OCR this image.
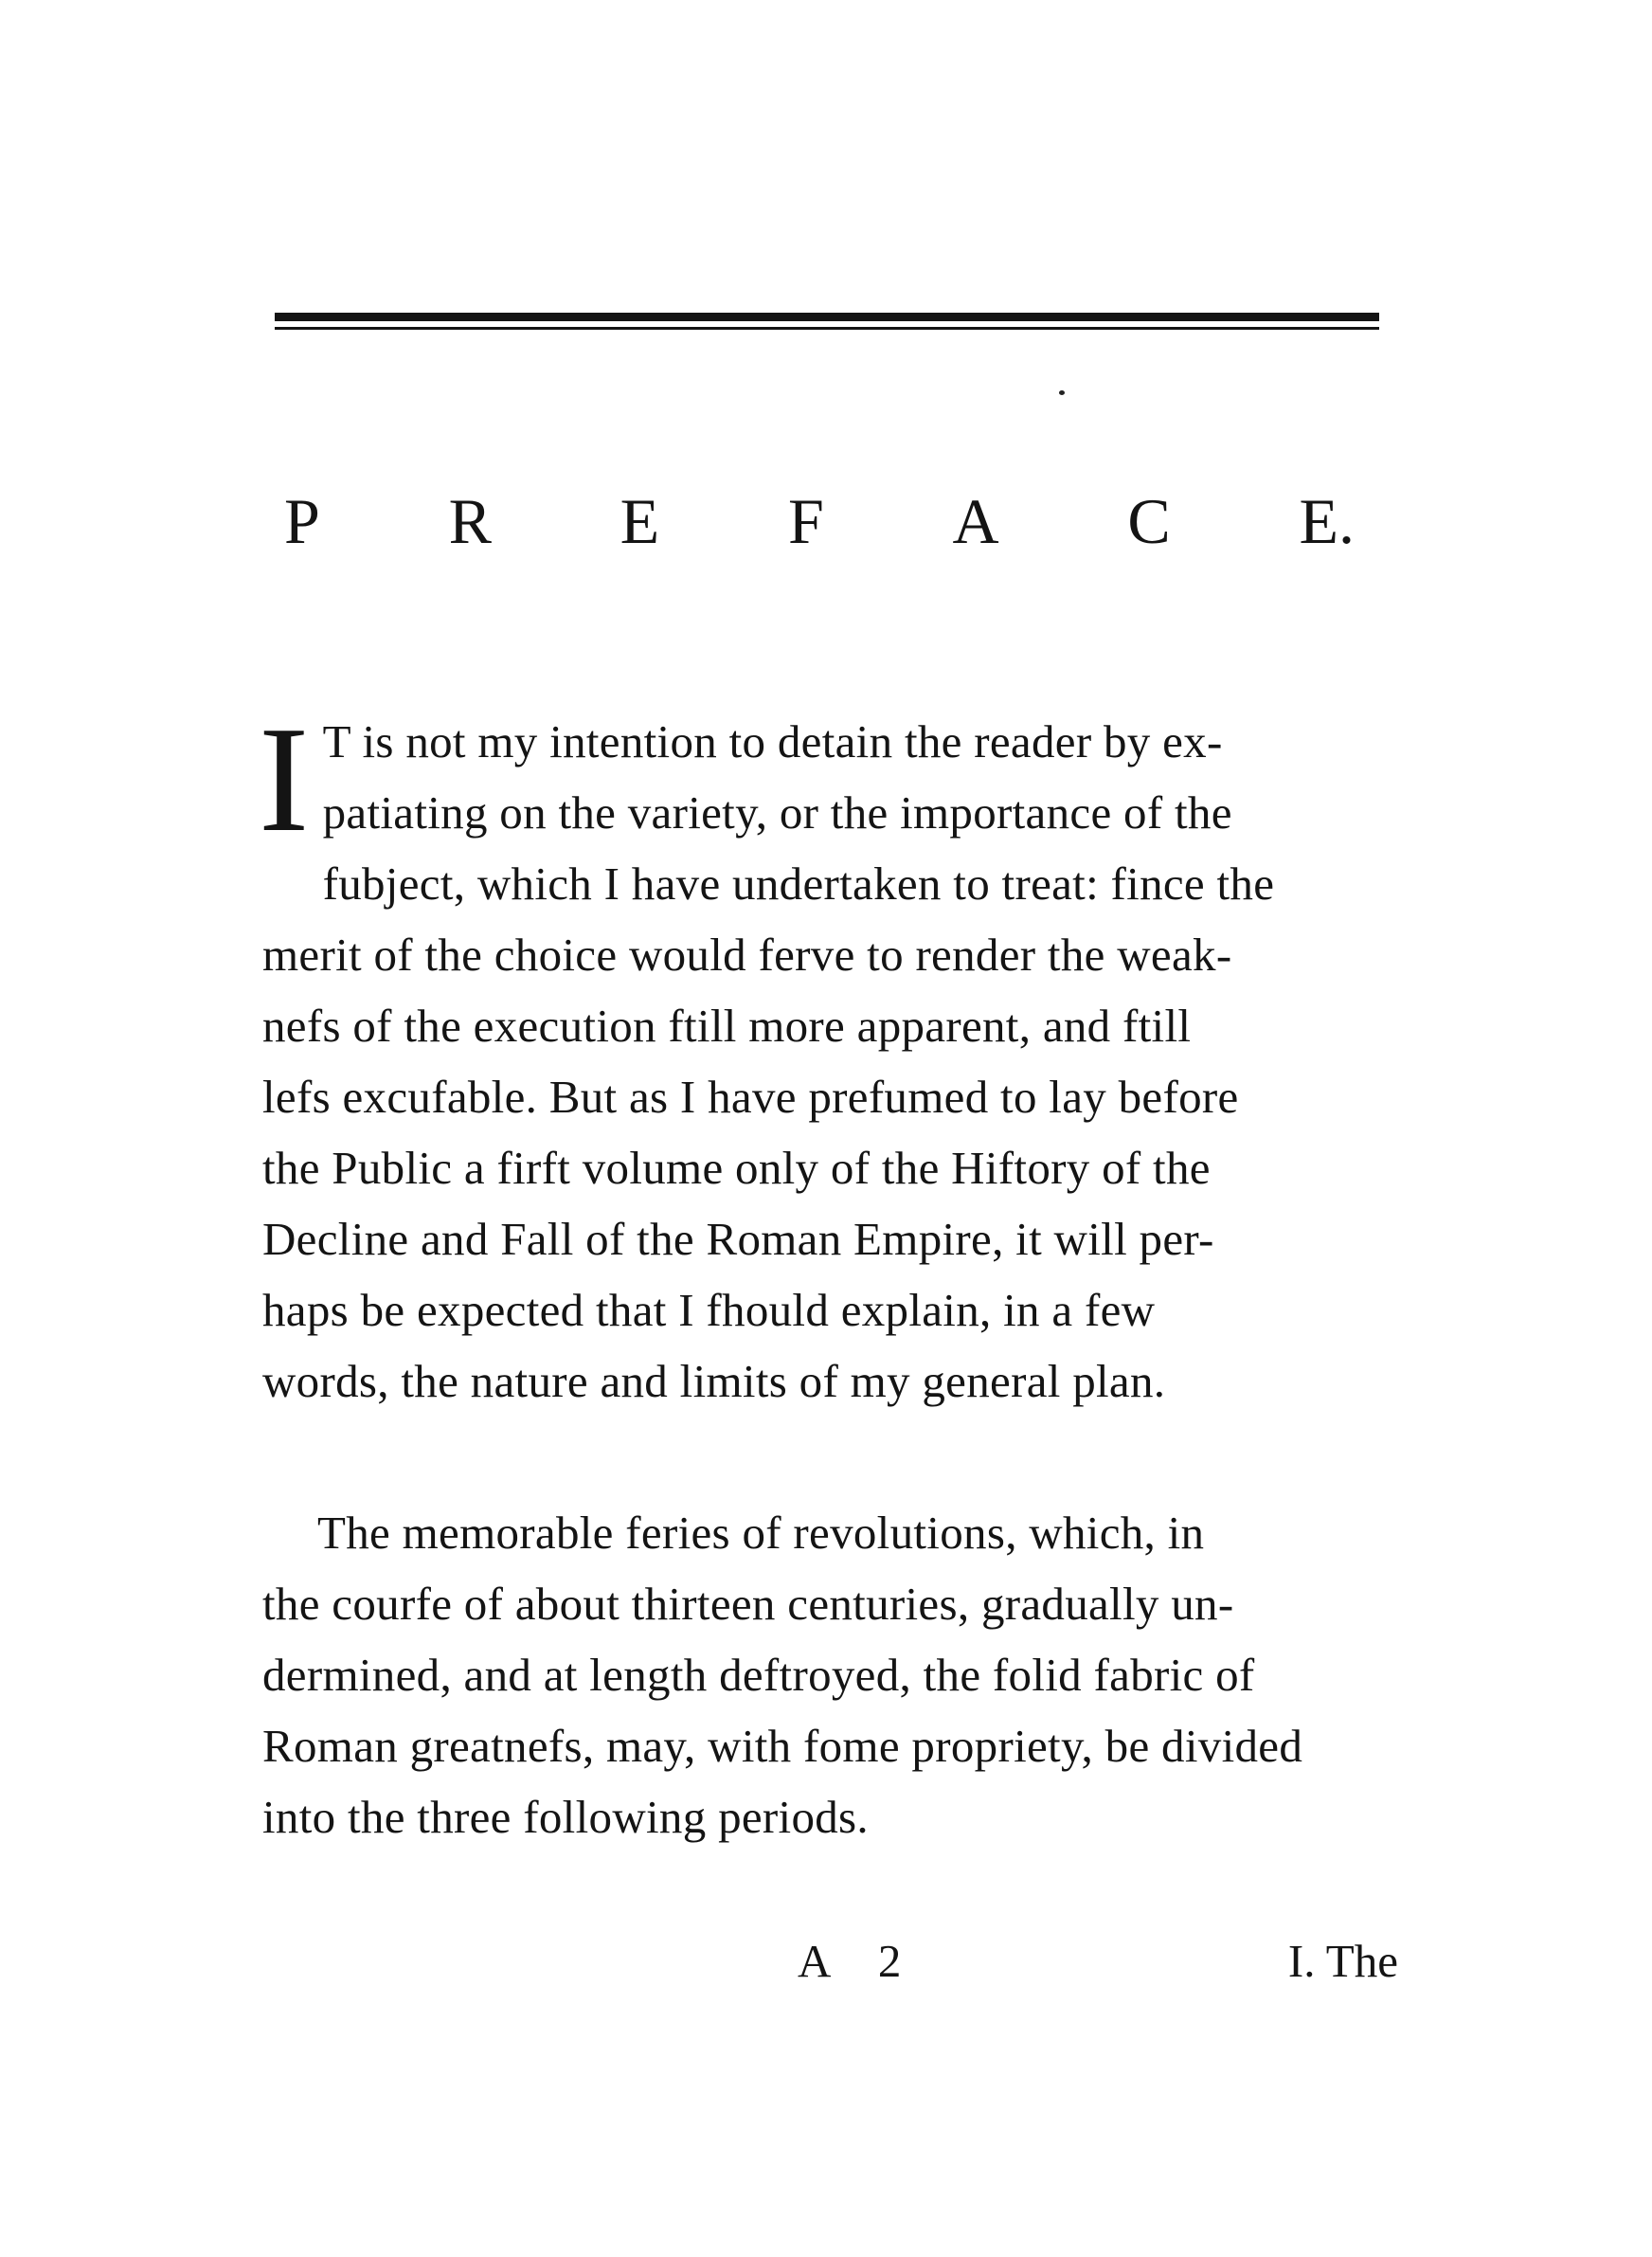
P R E F A C E.
I T is not my intention to detain the reader by ex-
patiating on the variety, or the importance of the
fubject, which I have undertaken to treat: fince the
merit of the choice would ferve to render the weak-
nefs of the execution ftill more apparent, and ftill
lefs excufable. But as I have prefumed to lay before
the Public a firft volume only of the Hiftory of the
Decline and Fall of the Roman Empire, it will per-
haps be expected that I fhould explain, in a few
words, the nature and limits of my general plan.
The memorable feries of revolutions, which, in
the courfe of about thirteen centuries, gradually un-
dermined, and at length deftroyed, the folid fabric of
Roman greatnefs, may, with fome propriety, be divided
into the three following periods.
A 2	I. The
